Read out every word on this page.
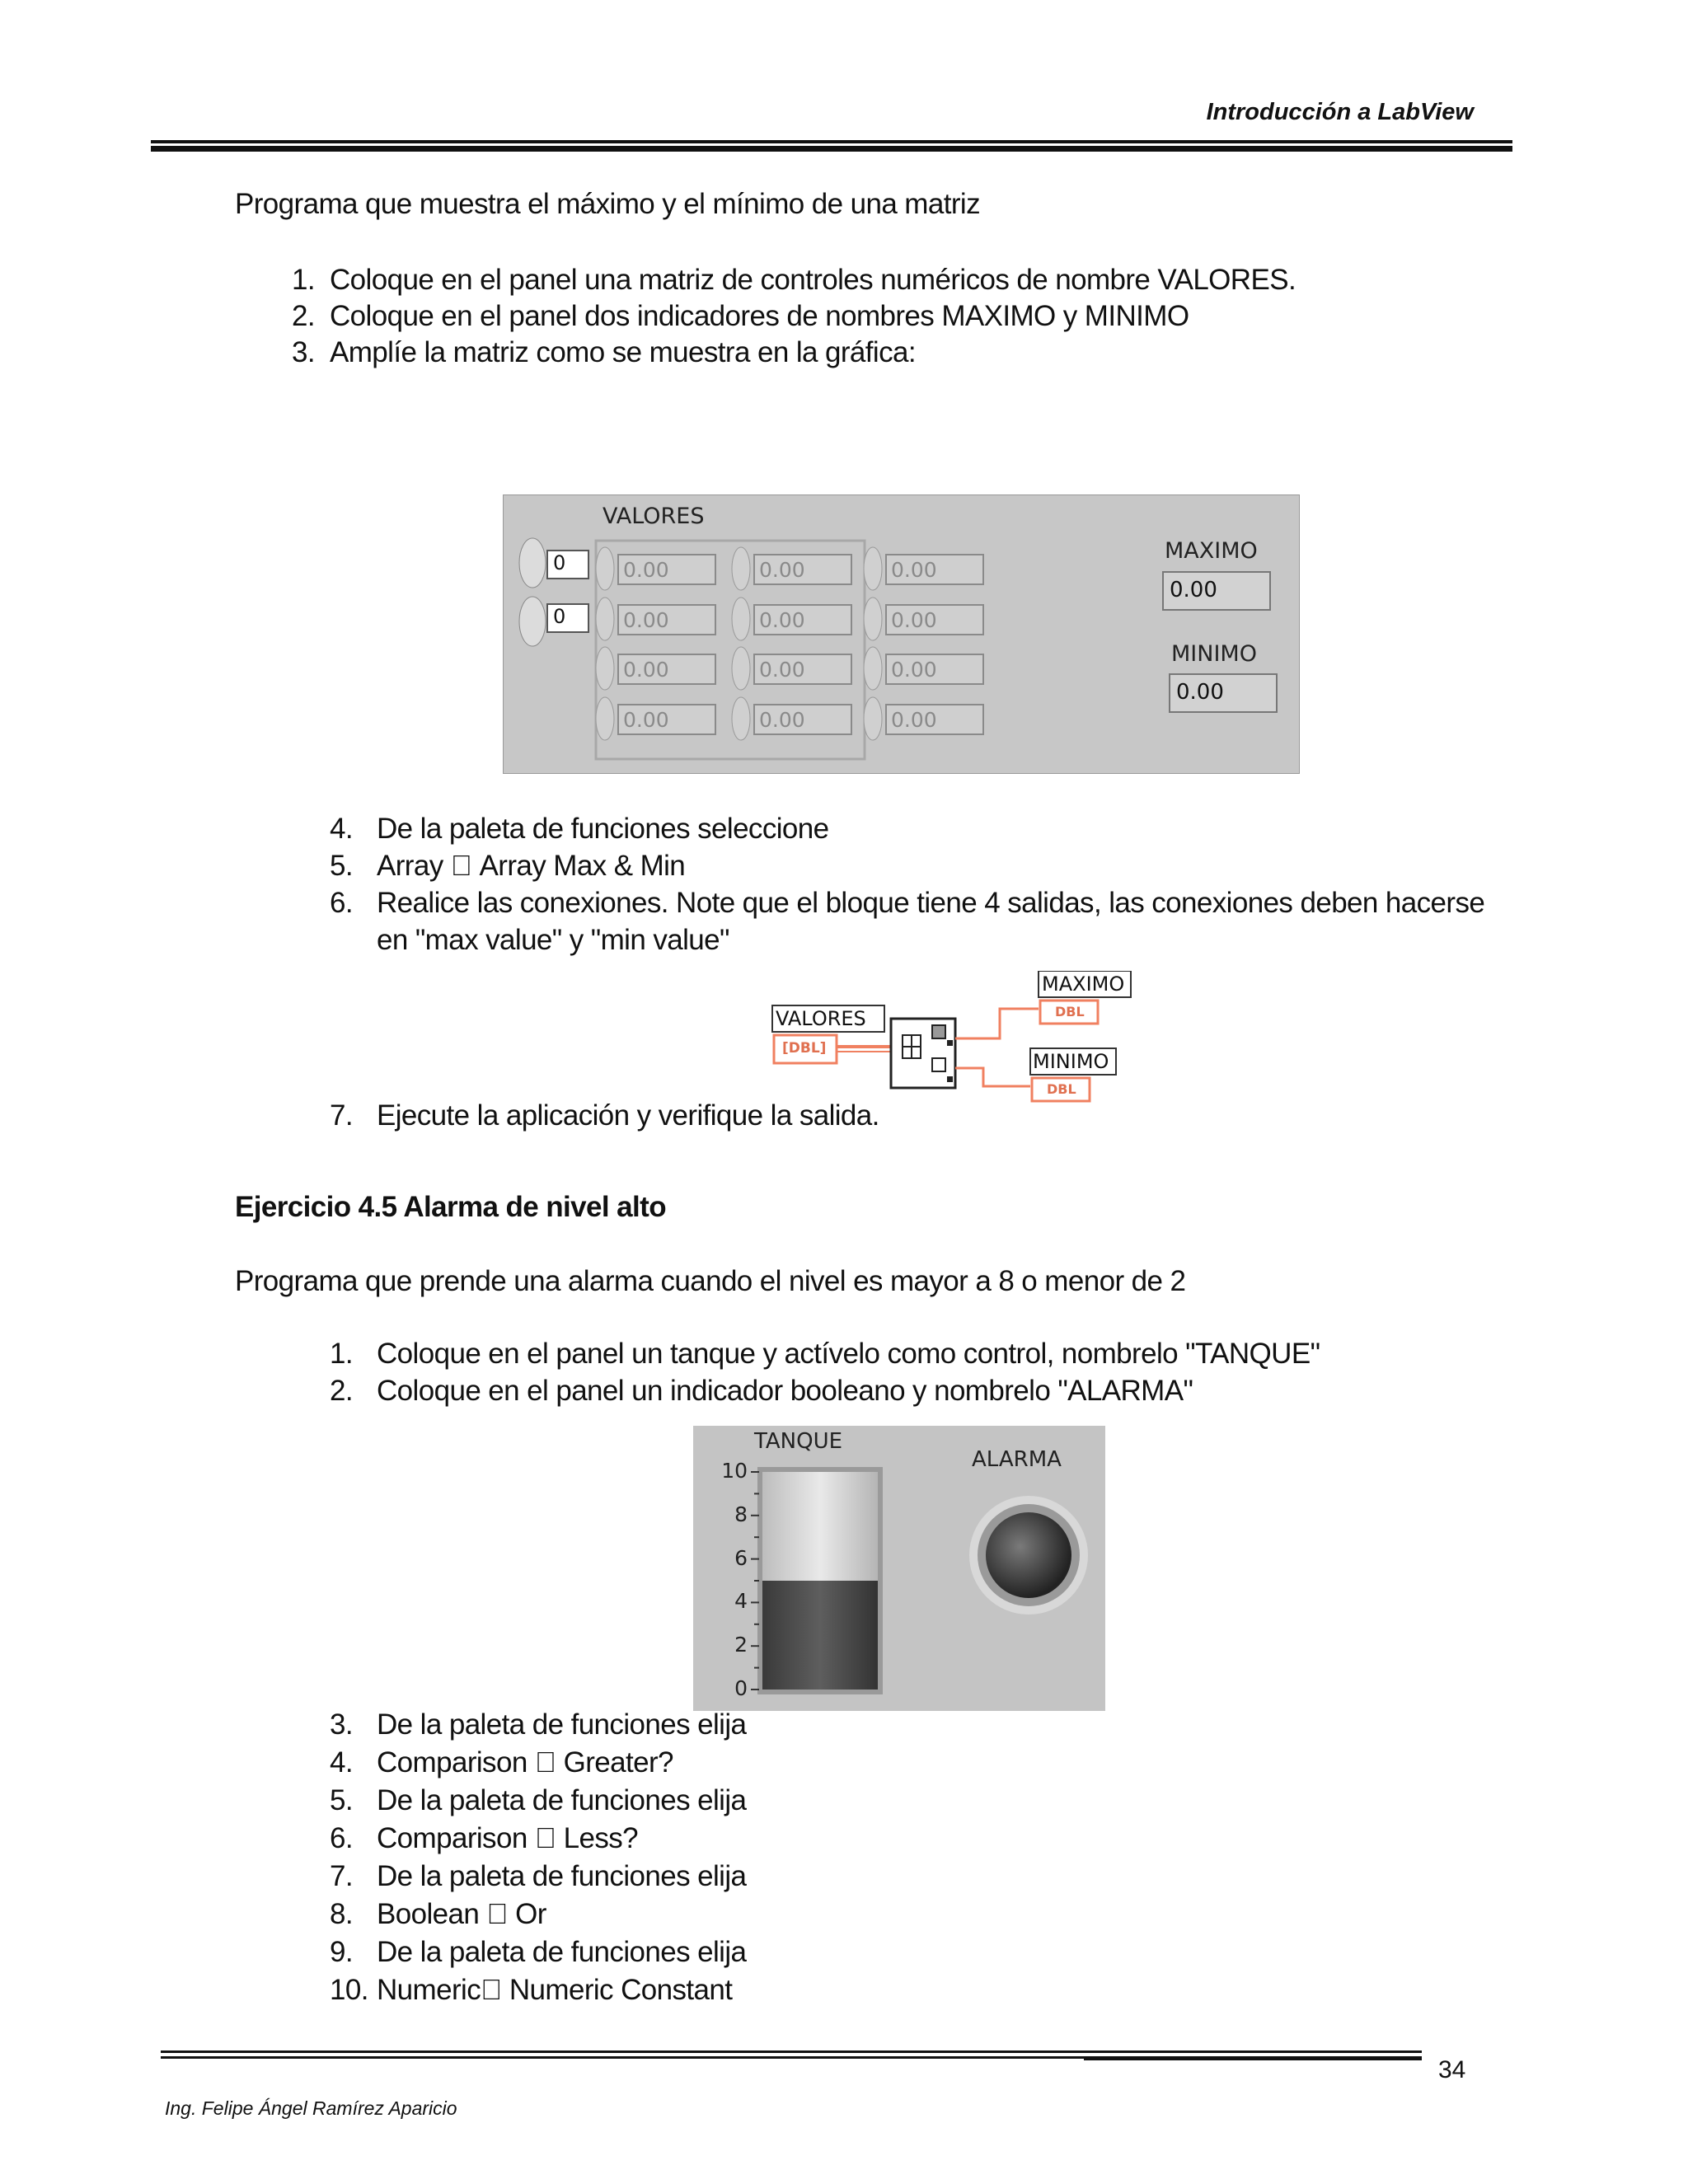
Introducción a LabView
Programa que muestra el máximo y el mínimo de una matriz
1. Coloque en el panel una matriz de controles numéricos de nombre VALORES.
2. Coloque en el panel dos indicadores de nombres MAXIMO y MINIMO
3. Amplíe la matriz como se muestra en la gráfica:
VALORES
0
0
0.00	0.00	0.00
0.00	0.00	0.00
0.00	0.00	0.00
0.00	0.00	0.00
MAXIMO
0.00
MINIMO
0.00
4. De la paleta de funciones seleccione
5. Array Array Max & Min
6. Realice las conexiones. Note que el bloque tiene 4 salidas, las conexiones deben hacerse
en "max value" y "min value"
VALORES
[DBL]
MAXIMO
DBL
MINIMO
DBL
7. Ejecute la aplicación y verifique la salida.
Ejercicio 4.5 Alarma de nivel alto
Programa que prende una alarma cuando el nivel es mayor a 8 o menor de 2
1. Coloque en el panel un tanque y actívelo como control, nombrelo "TANQUE"
2. Coloque en el panel un indicador booleano y nombrelo "ALARMA"
TANQUE
ALARMA
10
8
6
4
2
0
3. De la paleta de funciones elija
4. Comparison Greater?
5. De la paleta de funciones elija
6. Comparison Less?
7. De la paleta de funciones elija
8. Boolean Or
9. De la paleta de funciones elija
10. Numeric Numeric Constant
34
Ing. Felipe Ángel Ramírez Aparicio
